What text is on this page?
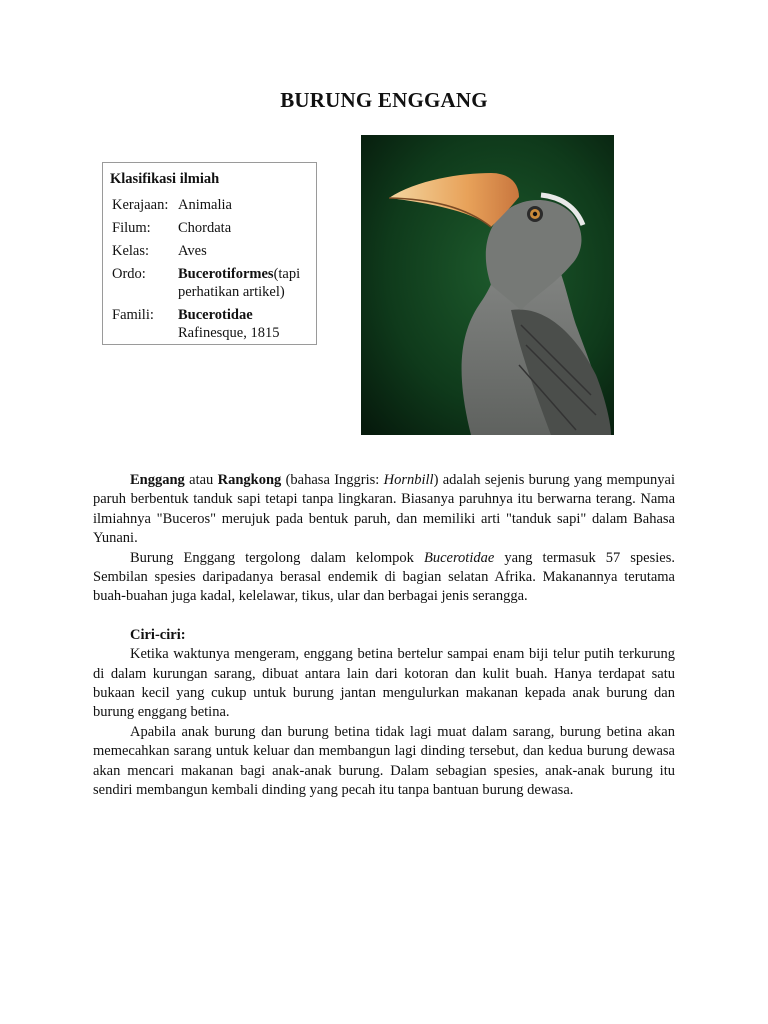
BURUNG ENGGANG
Klasifikasi ilmiah
Kerajaan:	Animalia
Filum:	Chordata
Kelas:	Aves
Ordo:	Bucerotiformes(tapi perhatikan artikel)
Famili:	Bucerotidae
Rafinesque, 1815

Enggang atau Rangkong (bahasa Inggris: Hornbill) adalah sejenis burung yang mempunyai paruh berbentuk tanduk sapi tetapi tanpa lingkaran. Biasanya paruhnya itu berwarna terang. Nama ilmiahnya "Buceros" merujuk pada bentuk paruh, dan memiliki arti "tanduk sapi" dalam Bahasa Yunani.

Burung Enggang tergolong dalam kelompok Bucerotidae yang termasuk 57 spesies. Sembilan spesies daripadanya berasal endemik di bagian selatan Afrika. Makanannya terutama buah-buahan juga kadal, kelelawar, tikus, ular dan berbagai jenis serangga.

Ciri-ciri:

Ketika waktunya mengeram, enggang betina bertelur sampai enam biji telur putih terkurung di dalam kurungan sarang, dibuat antara lain dari kotoran dan kulit buah. Hanya terdapat satu bukaan kecil yang cukup untuk burung jantan mengulurkan makanan kepada anak burung dan burung enggang betina.

Apabila anak burung dan burung betina tidak lagi muat dalam sarang, burung betina akan memecahkan sarang untuk keluar dan membangun lagi dinding tersebut, dan kedua burung dewasa akan mencari makanan bagi anak-anak burung. Dalam sebagian spesies, anak-anak burung itu sendiri membangun kembali dinding yang pecah itu tanpa bantuan burung dewasa.
